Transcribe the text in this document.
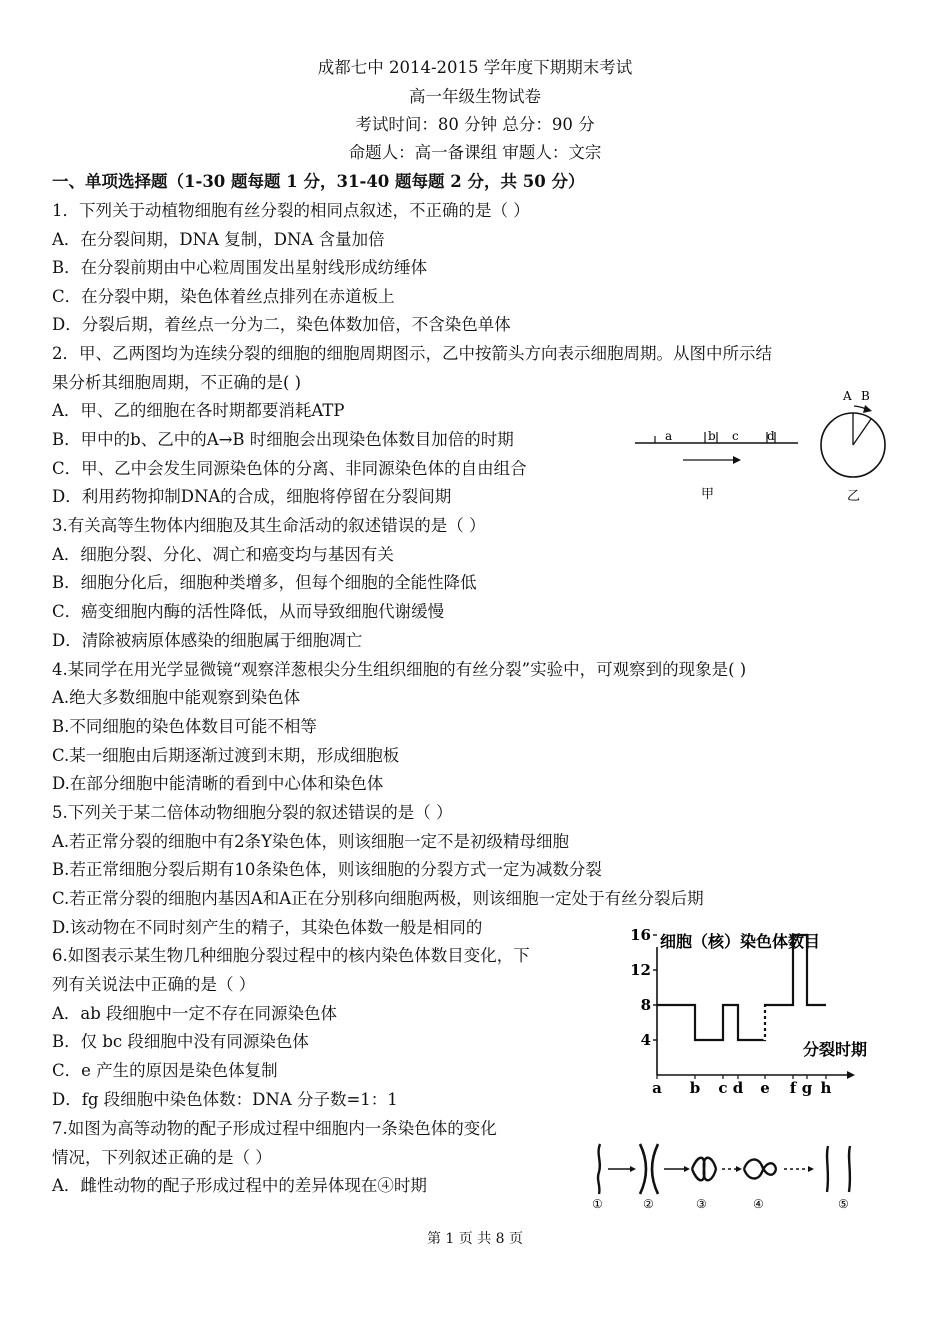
成都七中 2014-2015 学年度下期期末考试
高一年级生物试卷
考试时间：80 分钟 总分：90 分
命题人：高一备课组 审题人：文宗
一、单项选择题（1-30 题每题 1 分，31-40 题每题 2 分，共 50 分）
1．下列关于动植物细胞有丝分裂的相同点叙述，不正确的是（ ）
A．在分裂间期，DNA 复制，DNA 含量加倍
B．在分裂前期由中心粒周围发出星射线形成纺缍体
C．在分裂中期，染色体着丝点排列在赤道板上
D．分裂后期，着丝点一分为二，染色体数加倍，不含染色单体
2．甲、乙两图均为连续分裂的细胞的细胞周期图示，乙中按箭头方向表示细胞周期。从图中所示结
果分析其细胞周期，不正确的是( )
A．甲、乙的细胞在各时期都要消耗ATP
B．甲中的b、乙中的A→B 时细胞会出现染色体数目加倍的时期
C．甲、乙中会发生同源染色体的分离、非同源染色体的自由组合
D．利用药物抑制DNA的合成，细胞将停留在分裂间期
a	b c d
甲
A B
乙
3.有关高等生物体内细胞及其生命活动的叙述错误的是（ ）
A．细胞分裂、分化、凋亡和癌变均与基因有关
B．细胞分化后，细胞种类增多，但每个细胞的全能性降低
C．癌变细胞内酶的活性降低，从而导致细胞代谢缓慢
D．清除被病原体感染的细胞属于细胞凋亡
4.某同学在用光学显微镜“观察洋葱根尖分生组织细胞的有丝分裂”实验中，可观察到的现象是( )
A.绝大多数细胞中能观察到染色体
B.不同细胞的染色体数目可能不相等
C.某一细胞由后期逐渐过渡到末期，形成细胞板
D.在部分细胞中能清晰的看到中心体和染色体
5.下列关于某二倍体动物细胞分裂的叙述错误的是（ ）
A.若正常分裂的细胞中有2条Y染色体，则该细胞一定不是初级精母细胞
B.若正常细胞分裂后期有10条染色体，则该细胞的分裂方式一定为减数分裂
C.若正常分裂的细胞内基因A和A正在分别移向细胞两极，则该细胞一定处于有丝分裂后期
D.该动物在不同时刻产生的精子，其染色体数一般是相同的
6.如图表示某生物几种细胞分裂过程中的核内染色体数目变化，下
列有关说法中正确的是（ ）
A．ab 段细胞中一定不存在同源染色体
B．仅 bc 段细胞中没有同源染色体
C．e 产生的原因是染色体复制
D．fg 段细胞中染色体数：DNA 分子数=1：1
细胞（核）染色体数目
分裂时期
16
12
8
4
a b c d e f g h
7.如图为高等动物的配子形成过程中细胞内一条染色体的变化
情况，下列叙述正确的是（ ）
A．雌性动物的配子形成过程中的差异体现在④时期
①	②	③	④	⑤
第 1 页 共 8 页
